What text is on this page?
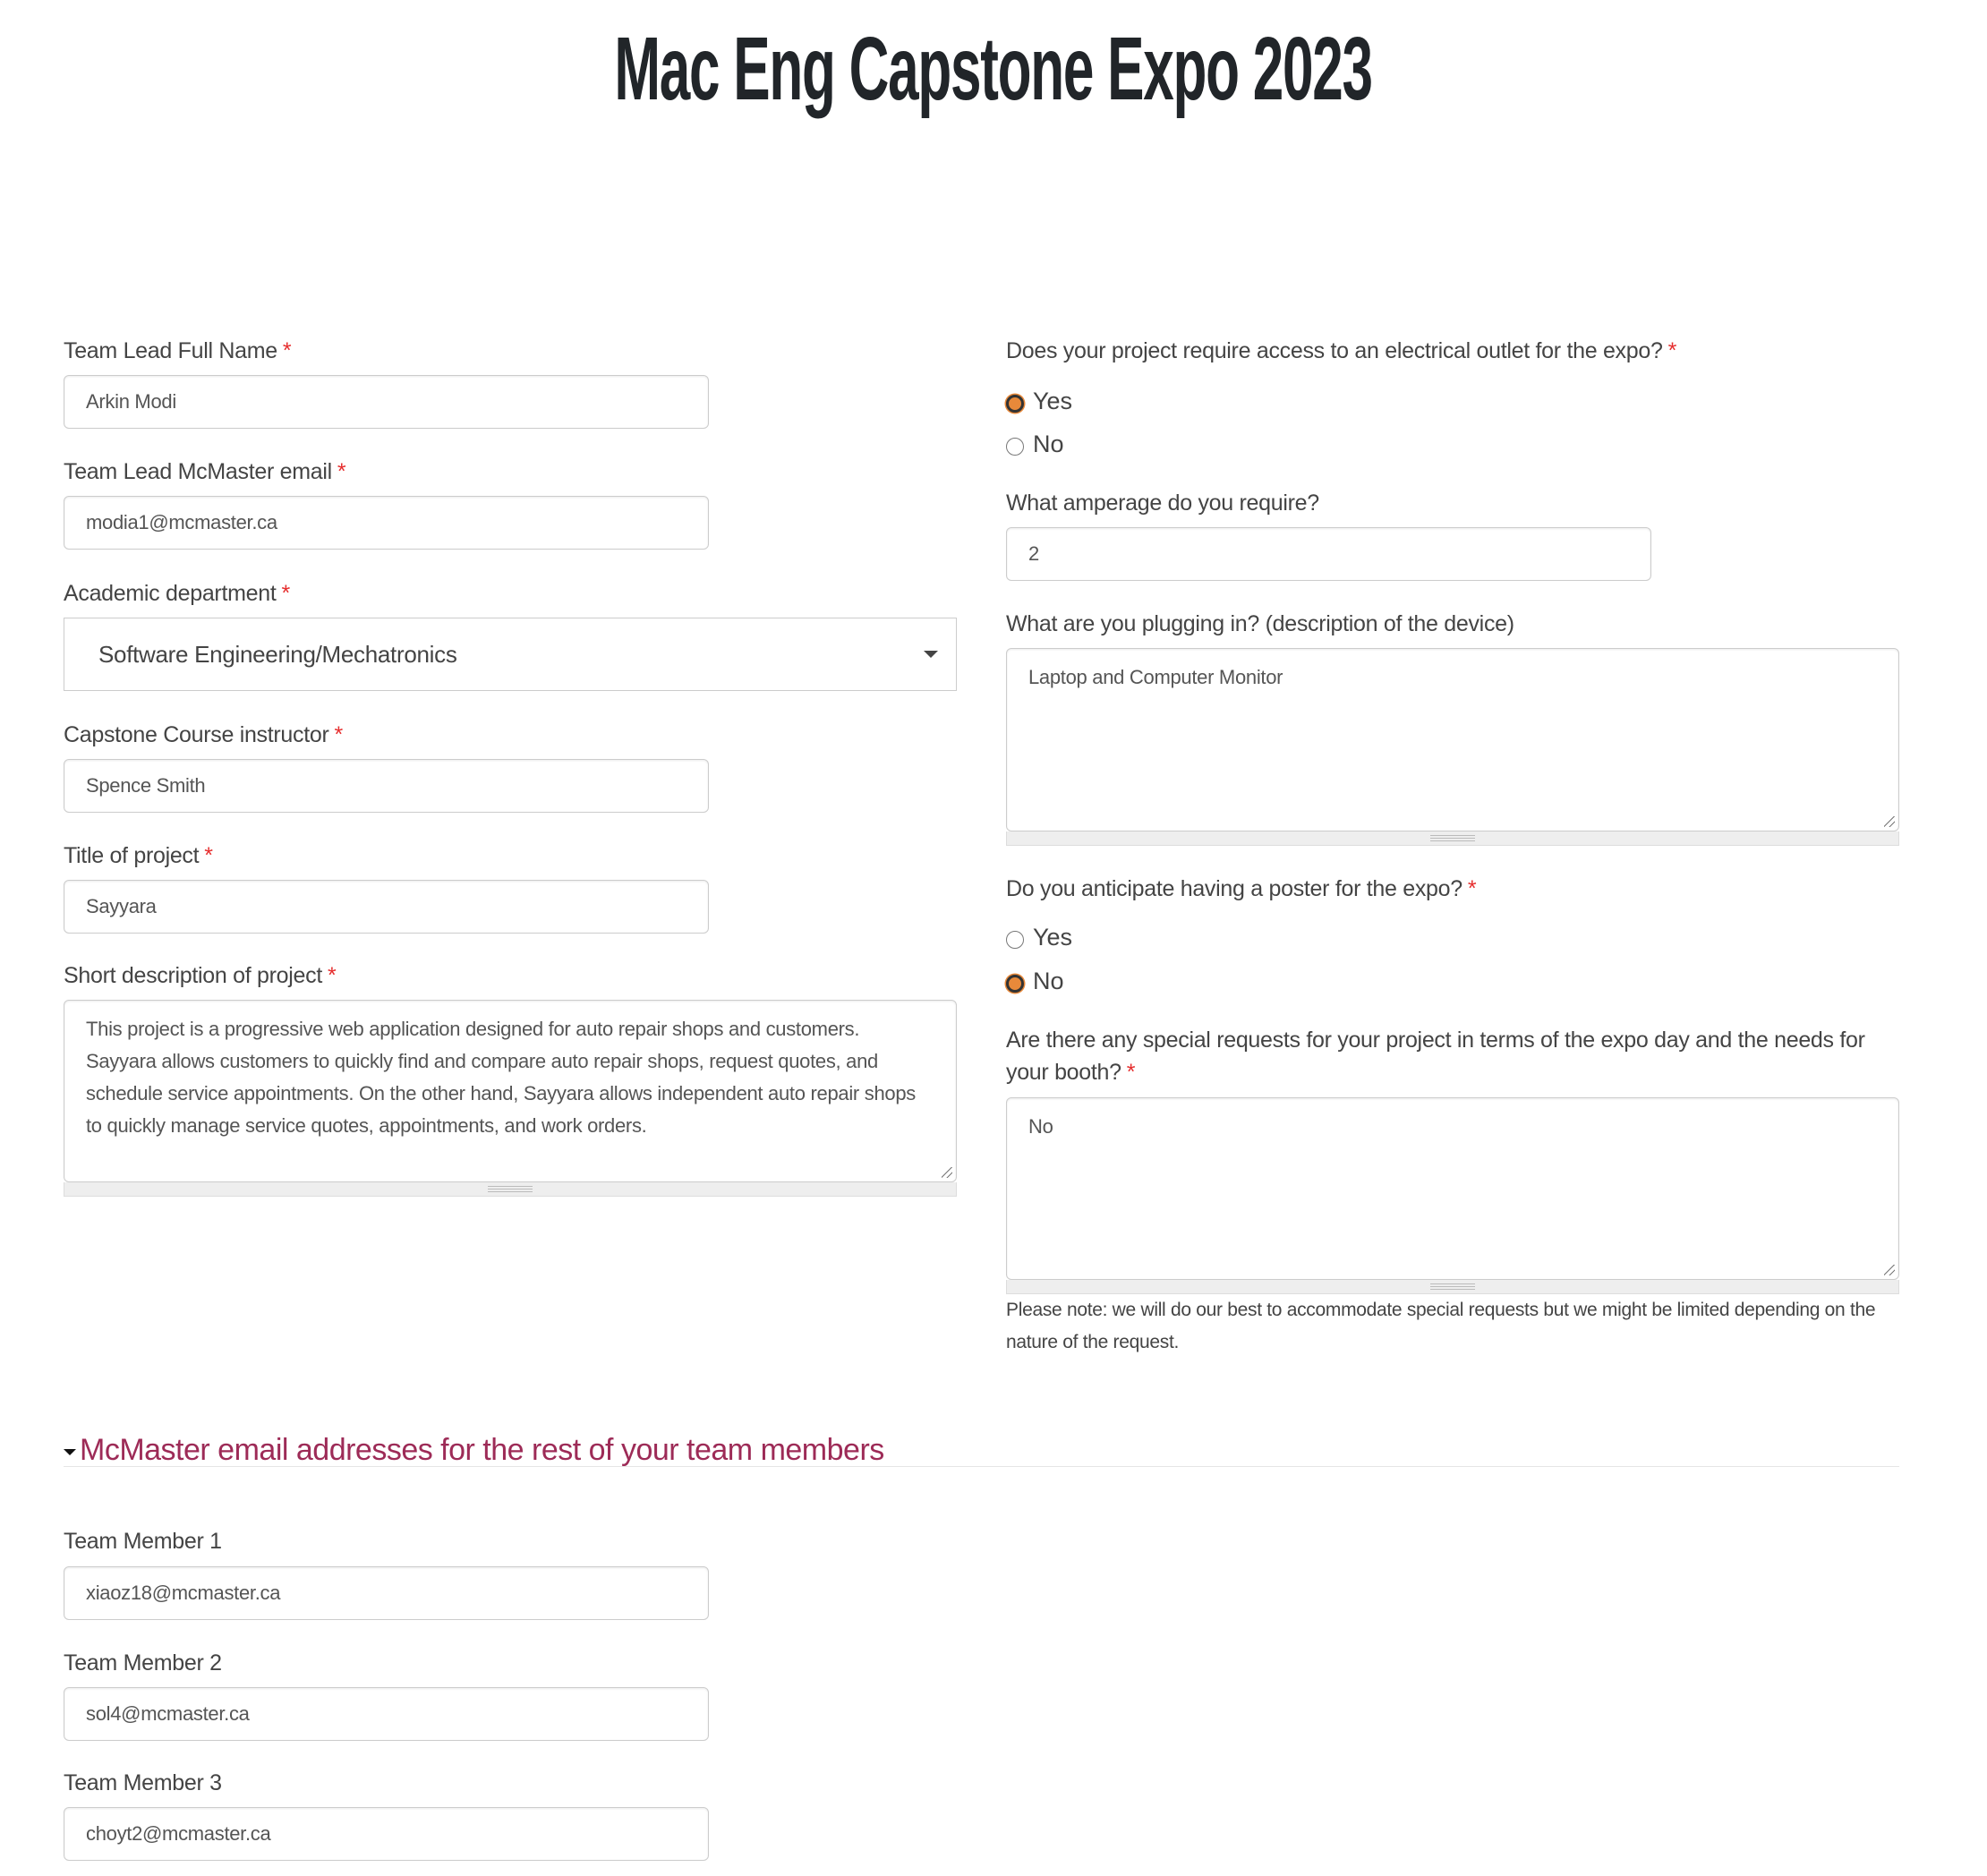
Mac Eng Capstone Expo 2023
Team Lead Full Name *
Arkin Modi
Team Lead McMaster email *
modia1@mcmaster.ca
Academic department *
Software Engineering/Mechatronics
Capstone Course instructor *
Spence Smith
Title of project *
Sayyara
Short description of project *
This project is a progressive web application designed for auto repair shops and customers. Sayyara allows customers to quickly find and compare auto repair shops, request quotes, and schedule service appointments. On the other hand, Sayyara allows independent auto repair shops to quickly manage service quotes, appointments, and work orders.
Does your project require access to an electrical outlet for the expo? *
Yes
No
What amperage do you require?
2
What are you plugging in? (description of the device)
Laptop and Computer Monitor
Do you anticipate having a poster for the expo? *
Yes
No
Are there any special requests for your project in terms of the expo day and the needs for your booth? *
No
Please note: we will do our best to accommodate special requests but we might be limited depending on the nature of the request.
McMaster email addresses for the rest of your team members
Team Member 1
xiaoz18@mcmaster.ca
Team Member 2
sol4@mcmaster.ca
Team Member 3
choyt2@mcmaster.ca
